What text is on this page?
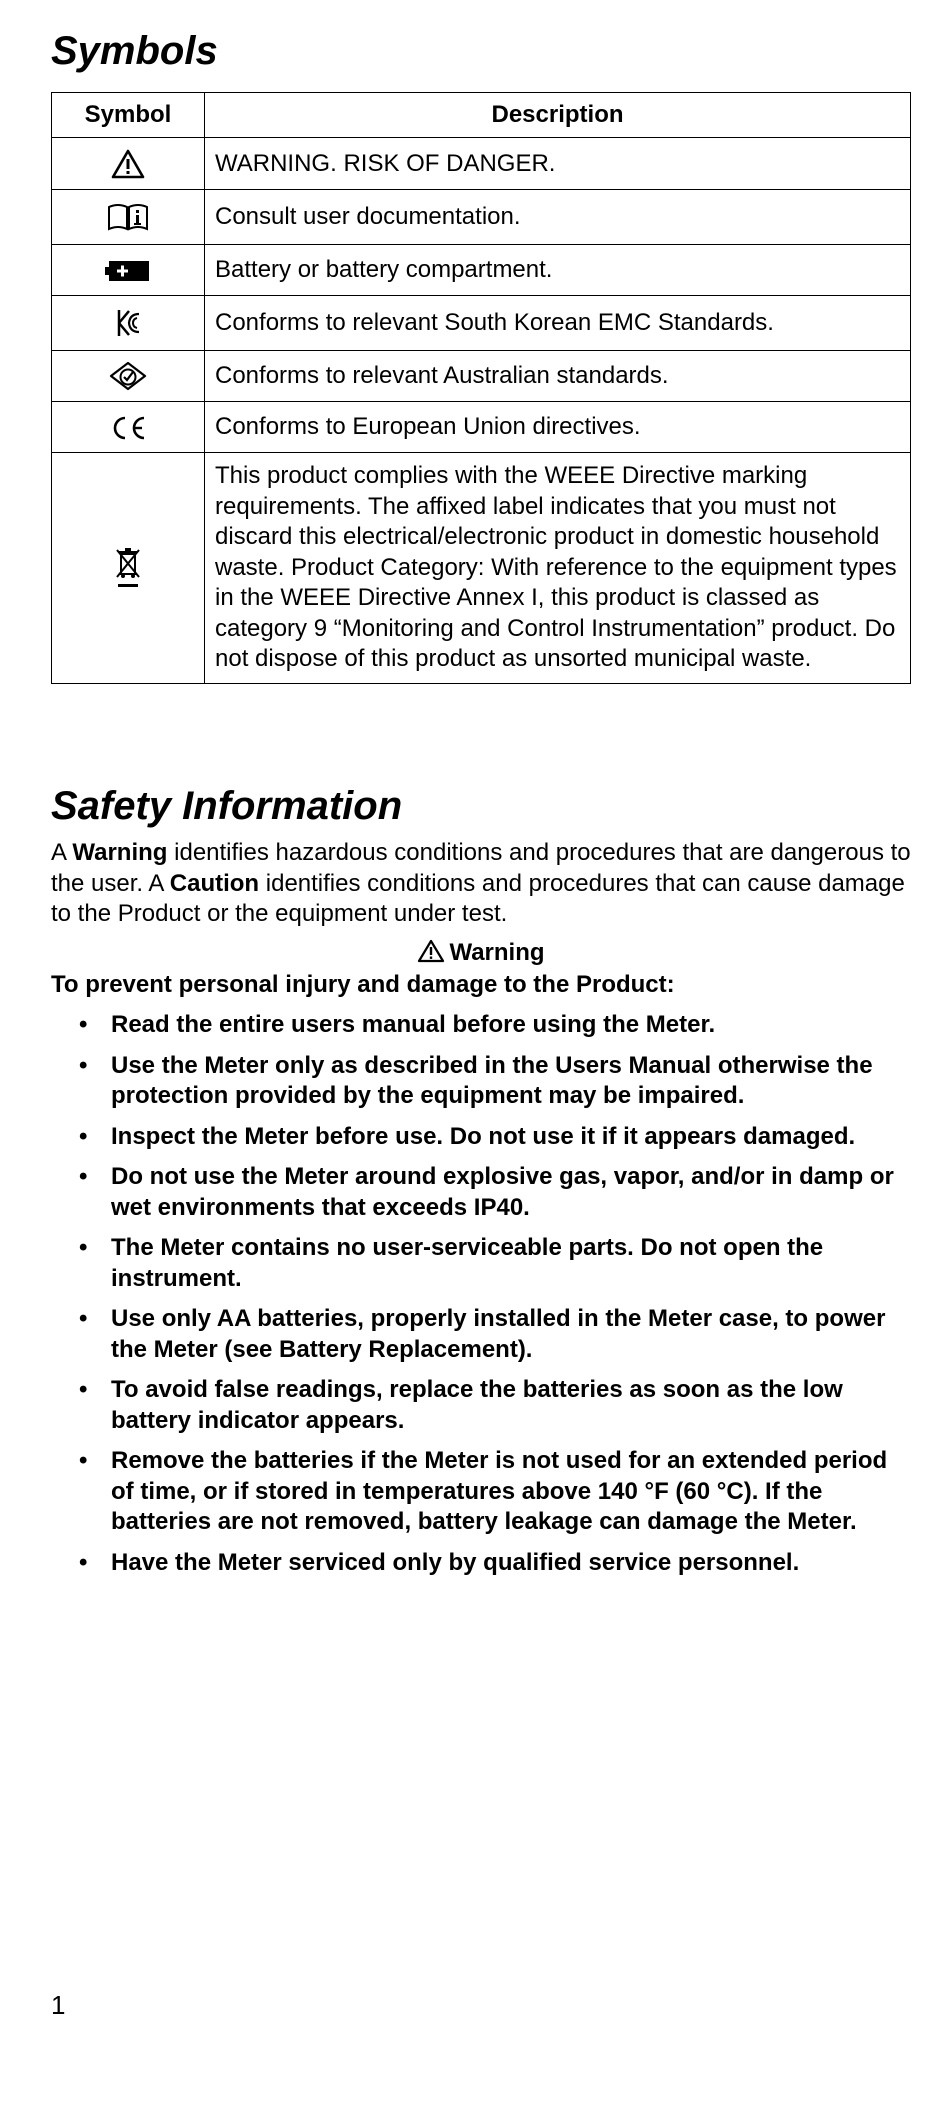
Symbols
Symbol	Description
	WARNING. RISK OF DANGER.
	Consult user documentation.
	Battery or battery compartment.
	Conforms to relevant South Korean EMC Standards.
	Conforms to relevant Australian standards.
	Conforms to European Union directives.
	This product complies with the WEEE Directive marking requirements. The affixed label indicates that you must not discard this electrical/electronic product in domestic household waste. Product Category: With reference to the equipment types in the WEEE Directive Annex I, this product is classed as category 9 “Monitoring and Control Instrumentation” product. Do not dispose of this product as unsorted municipal waste.
Safety Information

A Warning identifies hazardous conditions and procedures that are dangerous to the user. A Caution identifies conditions and procedures that can cause damage to the Product or the equipment under test.

Warning

To prevent personal injury and damage to the Product:

• Read the entire users manual before using the Meter.
• Use the Meter only as described in the Users Manual otherwise the protection provided by the equipment may be impaired.
• Inspect the Meter before use. Do not use it if it appears damaged.
• Do not use the Meter around explosive gas, vapor, and/or in damp or wet environments that exceeds IP40.
• The Meter contains no user-serviceable parts. Do not open the instrument.
• Use only AA batteries, properly installed in the Meter case, to power the Meter (see Battery Replacement).
• To avoid false readings, replace the batteries as soon as the low battery indicator appears.
• Remove the batteries if the Meter is not used for an extended period of time, or if stored in temperatures above 140 °F (60 °C). If the batteries are not removed, battery leakage can damage the Meter.
• Have the Meter serviced only by qualified service personnel.
1
